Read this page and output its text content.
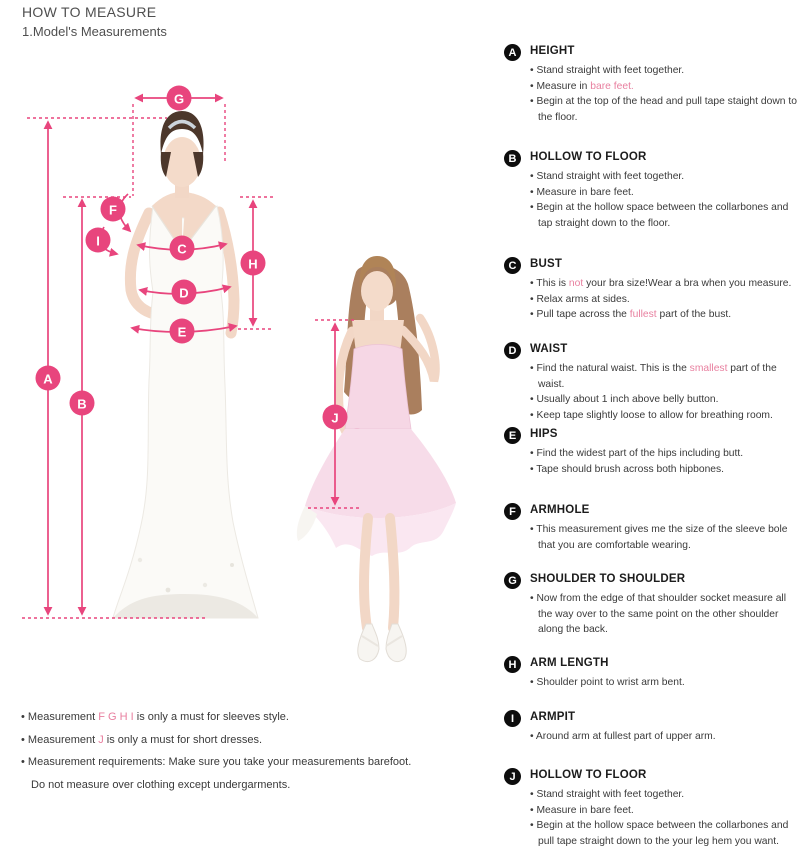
HOW TO MEASURE
1.Model's Measurements
G
F
I
C
H
D
E
A
B
J
A	HEIGHT
• Stand straight with feet together.
• Measure in bare feet.
• Begin at the top of the head and pull tape staight down to the floor.
B	HOLLOW TO FLOOR
• Stand straight with feet together.
• Measure in bare feet.
• Begin at the hollow space between the collarbones and tap straight down to the floor.
C	BUST
• This is not your bra size!Wear a bra when you measure.
• Relax arms at sides.
• Pull tape across the fullest part of the bust.
D	WAIST
• Find the natural waist. This is the smallest part of the waist.
• Usually about 1 inch above belly button.
• Keep tape slightly loose to allow for breathing room.
E	HIPS
• Find the widest part of the hips including butt.
• Tape should brush across both hipbones.
F	ARMHOLE
• This measurement gives me the size of the sleeve bole that you are comfortable wearing.
G	SHOULDER TO SHOULDER
• Now from the edge of that shoulder socket measure all the way over to the same point on the other shoulder along the back.
H	ARM LENGTH
• Shoulder point to wrist arm bent.
I	ARMPIT
• Around arm at fullest part of upper arm.
J	HOLLOW TO FLOOR
• Stand straight with feet together.
• Measure in bare feet.
• Begin at the hollow space between the collarbones and pull tape straight down to the your leg hem you want.
• Measurement F G H I is only a must for sleeves style.
• Measurement J is only a must for short dresses.
• Measurement requirements: Make sure you take your measurements barefoot.
Do not measure over clothing except undergarments.
